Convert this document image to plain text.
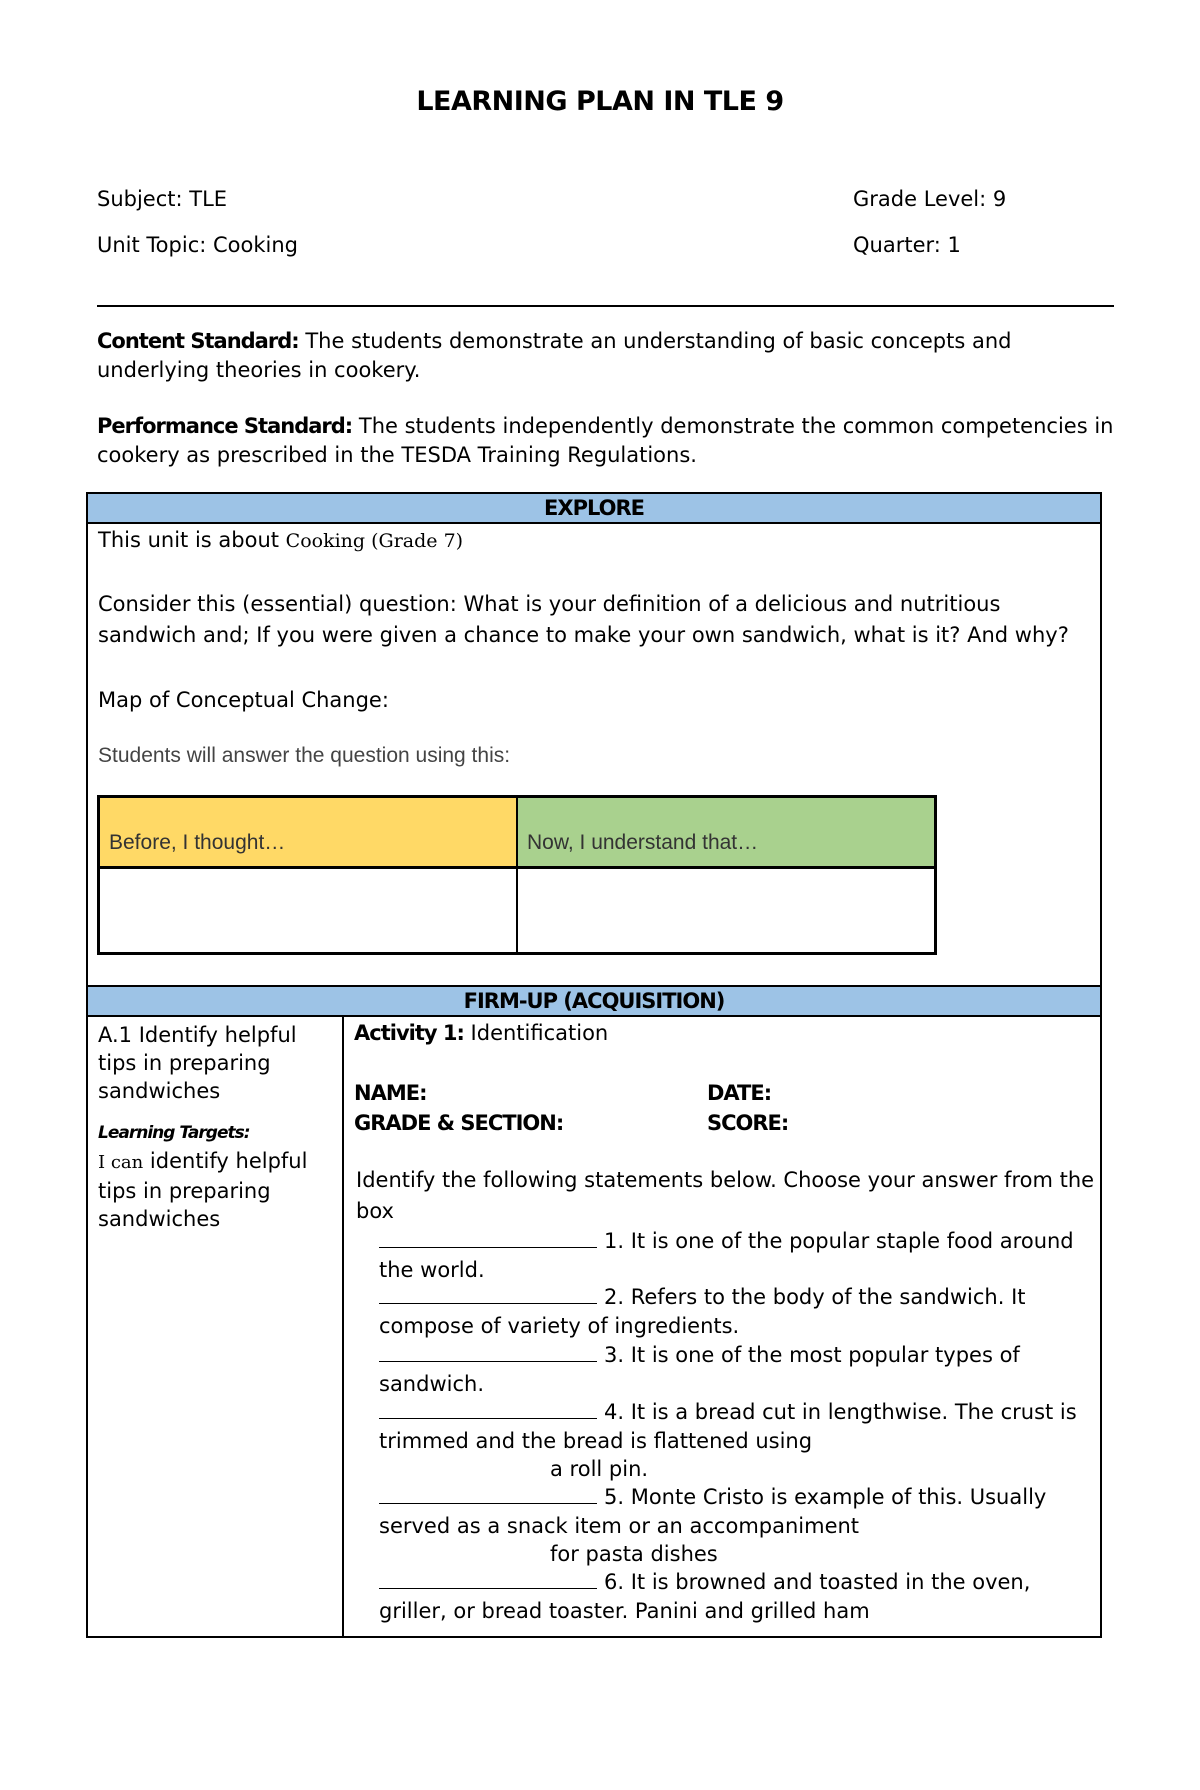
LEARNING PLAN IN TLE 9
Subject: TLE	Grade Level: 9
Unit Topic: Cooking	Quarter: 1
Content Standard: The students demonstrate an understanding of basic concepts and underlying theories in cookery.
Performance Standard: The students independently demonstrate the common competencies in cookery as prescribed in the TESDA Training Regulations.
EXPLORE
This unit is about Cooking (Grade 7)
Consider this (essential) question: What is your definition of a delicious and nutritious sandwich and; If you were given a chance to make your own sandwich, what is it? And why?
Map of Conceptual Change:
Students will answer the question using this:
Before, I thought…	Now, I understand that…
FIRM-UP (ACQUISITION)
A.1 Identify helpful tips in preparing sandwiches
Learning Targets:
I can identify helpful tips in preparing sandwiches
Activity 1: Identification
NAME:	DATE:
GRADE & SECTION:	SCORE:
Identify the following statements below. Choose your answer from the box
1. It is one of the popular staple food around the world.
2. Refers to the body of the sandwich. It compose of variety of ingredients.
3. It is one of the most popular types of sandwich.
4. It is a bread cut in lengthwise. The crust is trimmed and the bread is flattened using
a roll pin.
5. Monte Cristo is example of this. Usually served as a snack item or an accompaniment
for pasta dishes
6. It is browned and toasted in the oven, griller, or bread toaster. Panini and grilled ham
